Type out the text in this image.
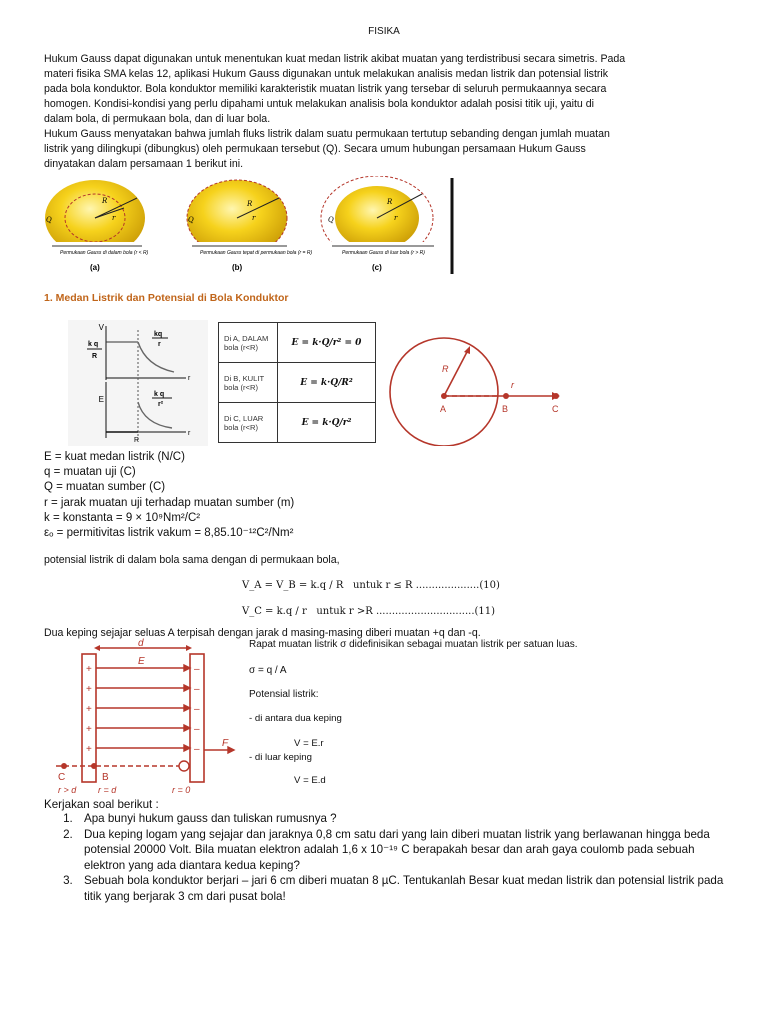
FISIKA
Hukum Gauss dapat digunakan untuk menentukan kuat medan listrik akibat muatan yang terdistribusi secara simetris. Pada
materi fisika SMA kelas 12, aplikasi Hukum Gauss digunakan untuk melakukan analisis medan listrik dan potensial listrik
pada bola konduktor. Bola konduktor memiliki karakteristik muatan listrik yang tersebar di seluruh permukaannya secara
homogen. Kondisi-kondisi yang perlu dipahami untuk melakukan analisis bola konduktor adalah posisi titik uji, yaitu di
dalam bola, di permukaan bola, dan di luar bola.
Hukum Gauss menyatakan bahwa jumlah fluks listrik dalam suatu permukaan tertutup sebanding dengan jumlah muatan
listrik yang dilingkupi (dibungkus) oleh permukaan tersebut (Q). Secara umum hubungan persamaan Hukum Gauss
dinyatakan dalam persamaan 1 berikut ini.
R
r
Q
R
r
Q
R
r
Q
Permukaan Gauss di dalam bola (r < R)	Permukaan Gauss tepat di permukaan bola (r = R)	Permukaan Gauss di luar bola (r > R)
(a)	(b)	(c)
1. Medan Listrik dan Potensial di Bola Konduktor
V
E
r
r
R
k q
R
kq
r
k q
r²
Di A, DALAM bola (r<R)	E = k·Q/r² = 0
Di B, KULIT bola (r<R)	E = k·Q/R²
Di C, LUAR bola (r<R)	E = k·Q/r²
R
r
A	B	C
E = kuat medan listrik (N/C)
q = muatan uji (C)
Q = muatan sumber (C)
r = jarak muatan uji terhadap muatan sumber (m)
k = konstanta = 9 × 10⁹Nm²/C²
εₒ = permitivitas listrik vakum = 8,85.10⁻¹²C²/Nm²
potensial listrik di dalam bola sama dengan di permukaan bola,
V_A = V_B = k.q / R untuk r ≤ R ....................(10)
V_C = k.q / r untuk r >R ...............................(11)
Dua keping sejajar seluas A terpisah dengan jarak d masing-masing diberi muatan +q dan -q.
+
+
+
+
+
–
–
–
–
–
d
E
F
C	B
r > d r = d	r = 0
Rapat muatan listrik σ didefinisikan sebagai muatan listrik per satuan luas.
σ = q / A
Potensial listrik:
- di antara dua keping
V = E.r
- di luar keping
V = E.d
Kerjakan soal berikut :
1. Apa bunyi hukum gauss dan tuliskan rumusnya ?
2. Dua keping logam yang sejajar dan jaraknya 0,8 cm satu dari yang lain diberi muatan listrik yang berlawanan hingga beda potensial 20000 Volt. Bila muatan elektron adalah 1,6 x 10⁻¹⁹ C berapakah besar dan arah gaya coulomb pada sebuah elektron yang ada diantara kedua keping?
3. Sebuah bola konduktor berjari – jari 6 cm diberi muatan 8 µC. Tentukanlah Besar kuat medan listrik dan potensial listrik pada titik yang berjarak 3 cm dari pusat bola!
